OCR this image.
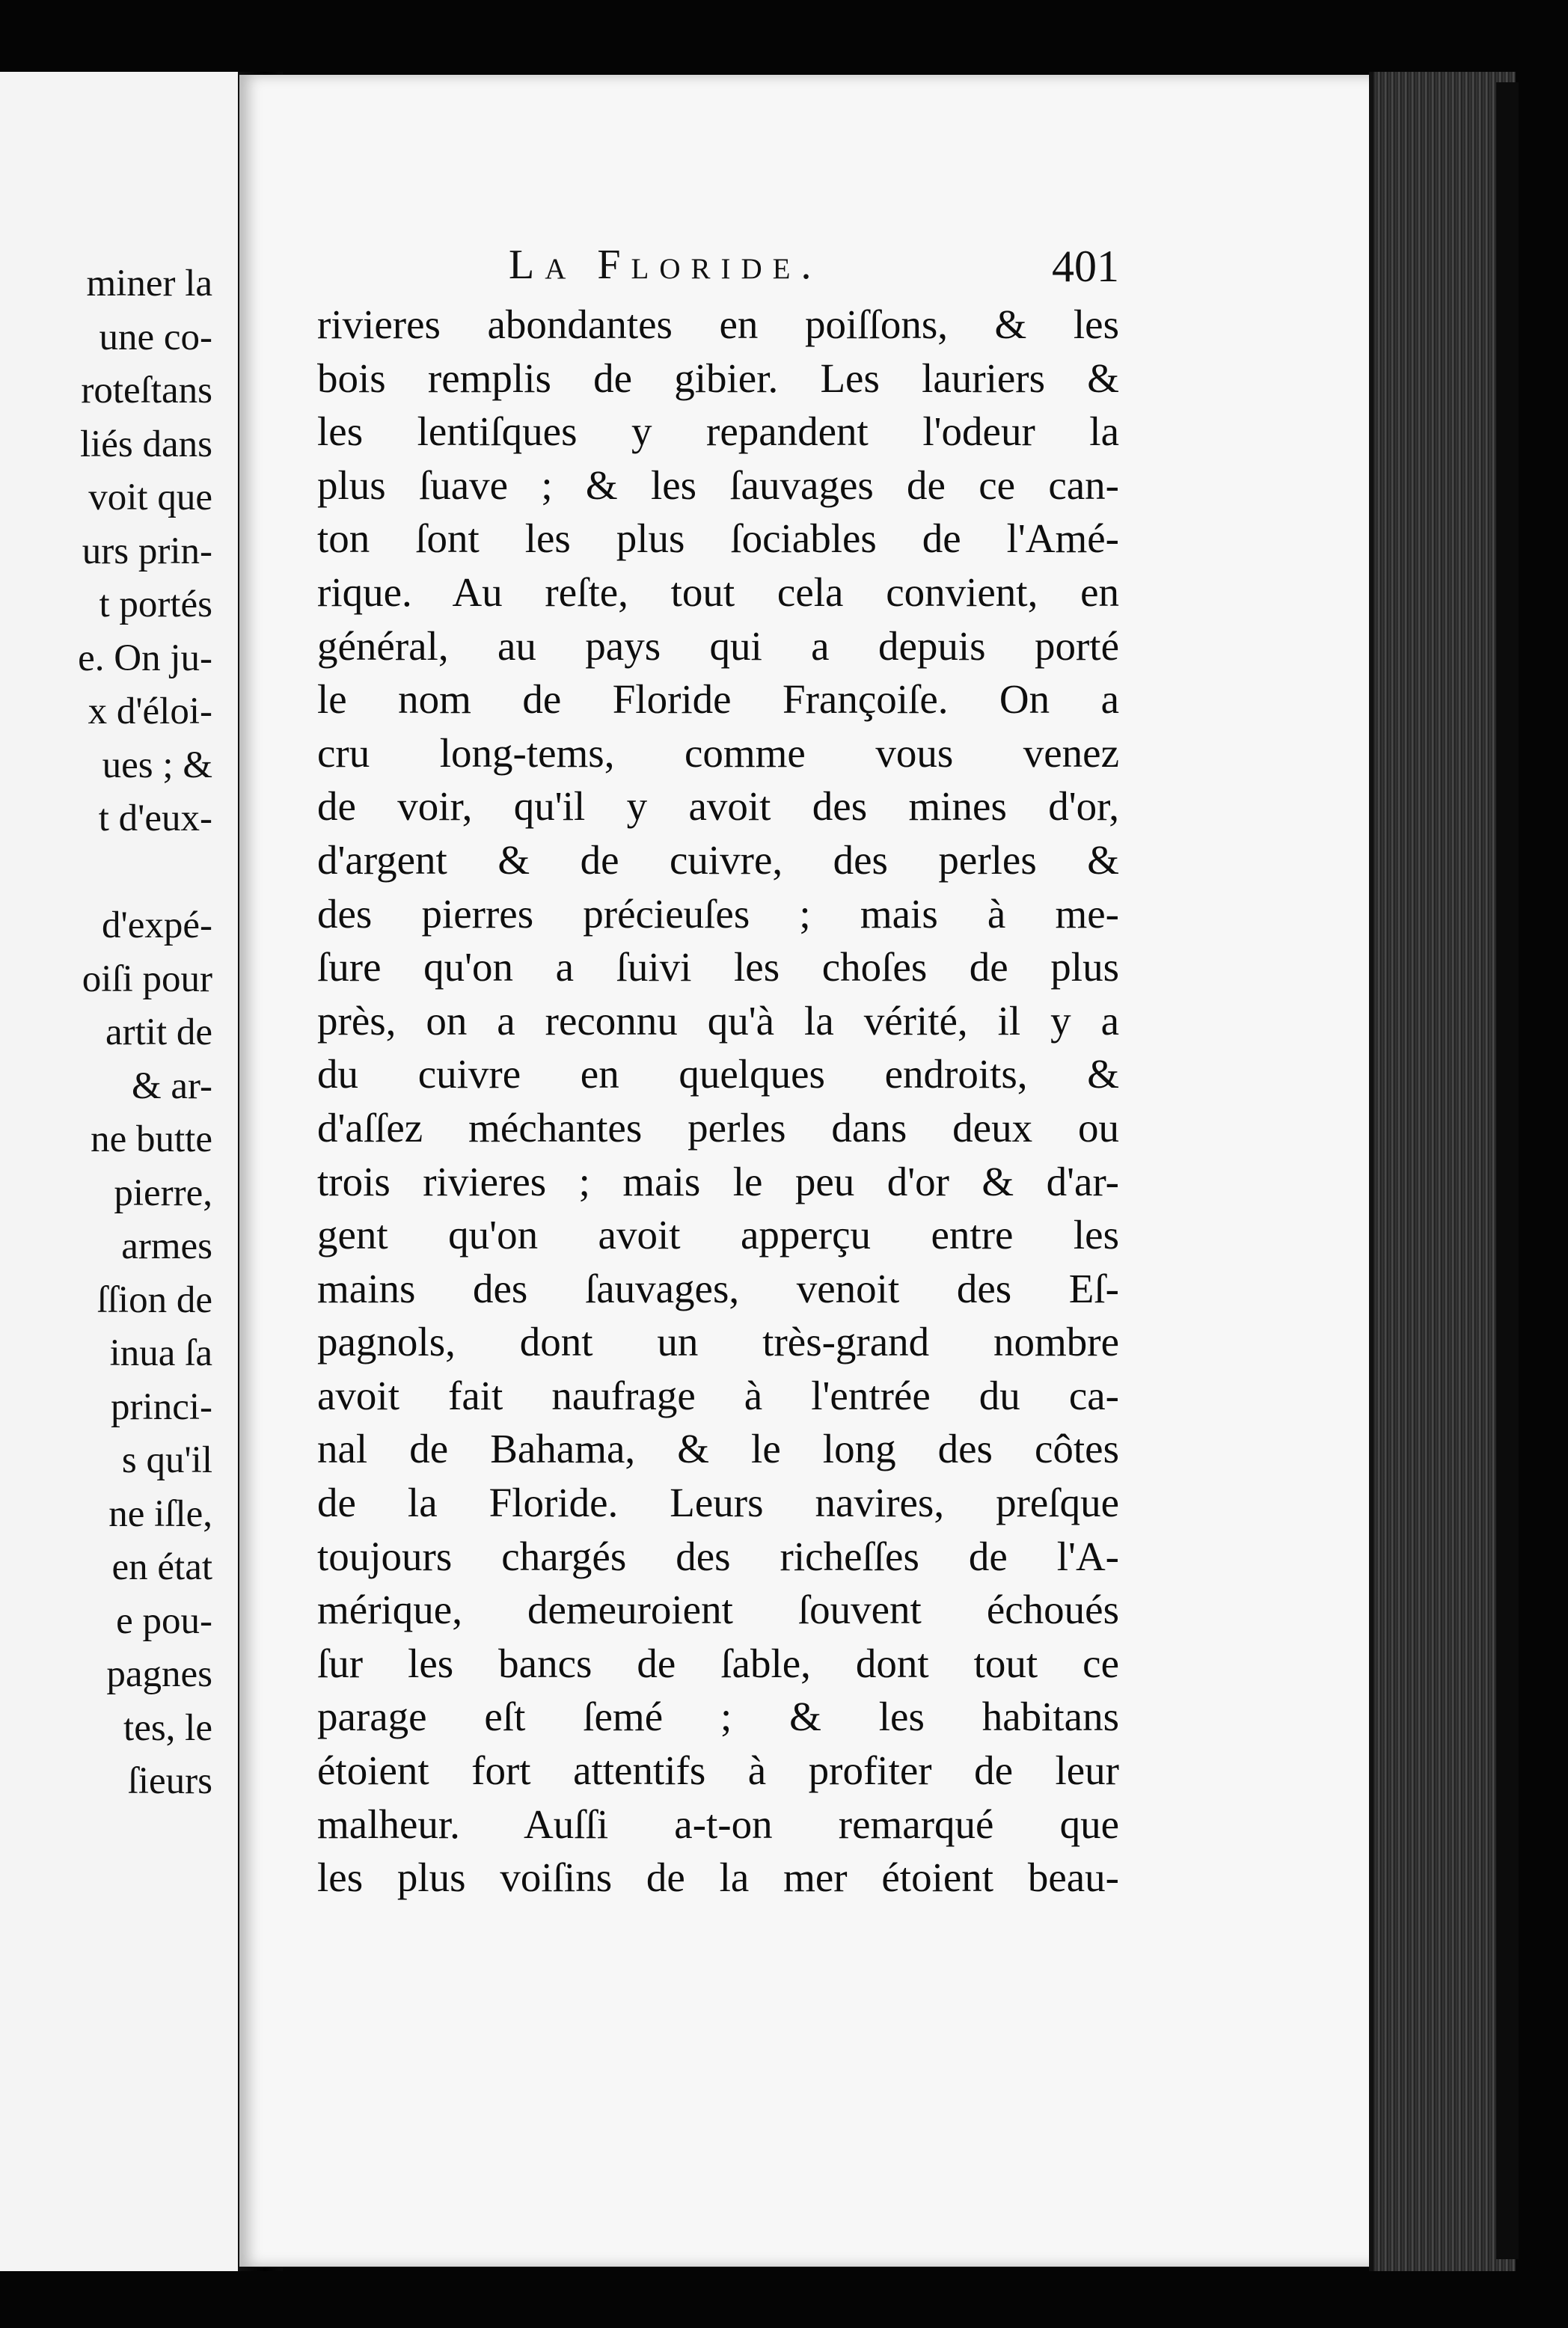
miner la
une co-
roteſtans
liés dans
voit que
urs prin-
t portés
e. On ju-
x d'éloi-
ues ; &
t d'eux-

d'expé-
oiſi pour
artit de
& ar-
ne butte
pierre,
armes
ſſion de
inua ſa
princi-
s qu'il
ne iſle,
en état
e pou-
pagnes
tes, le
ſieurs
La Floride.	401
rivieres abondantes en poiſſons, & les
bois remplis de gibier. Les lauriers &
les lentiſques y repandent l'odeur la
plus ſuave ; & les ſauvages de ce can-
ton ſont les plus ſociables de l'Amé-
rique. Au reſte, tout cela convient, en
général, au pays qui a depuis porté
le nom de Floride Françoiſe. On a
cru long-tems, comme vous venez
de voir, qu'il y avoit des mines d'or,
d'argent & de cuivre, des perles &
des pierres précieuſes ; mais à me-
ſure qu'on a ſuivi les choſes de plus
près, on a reconnu qu'à la vérité, il y a
du cuivre en quelques endroits, &
d'aſſez méchantes perles dans deux ou
trois rivieres ; mais le peu d'or & d'ar-
gent qu'on avoit apperçu entre les
mains des ſauvages, venoit des Eſ-
pagnols, dont un très-grand nombre
avoit fait naufrage à l'entrée du ca-
nal de Bahama, & le long des côtes
de la Floride. Leurs navires, preſque
toujours chargés des richeſſes de l'A-
mérique, demeuroient ſouvent échoués
ſur les bancs de ſable, dont tout ce
parage eſt ſemé ; & les habitans
étoient fort attentifs à profiter de leur
malheur. Auſſi a-t-on remarqué que
les plus voiſins de la mer étoient beau-
